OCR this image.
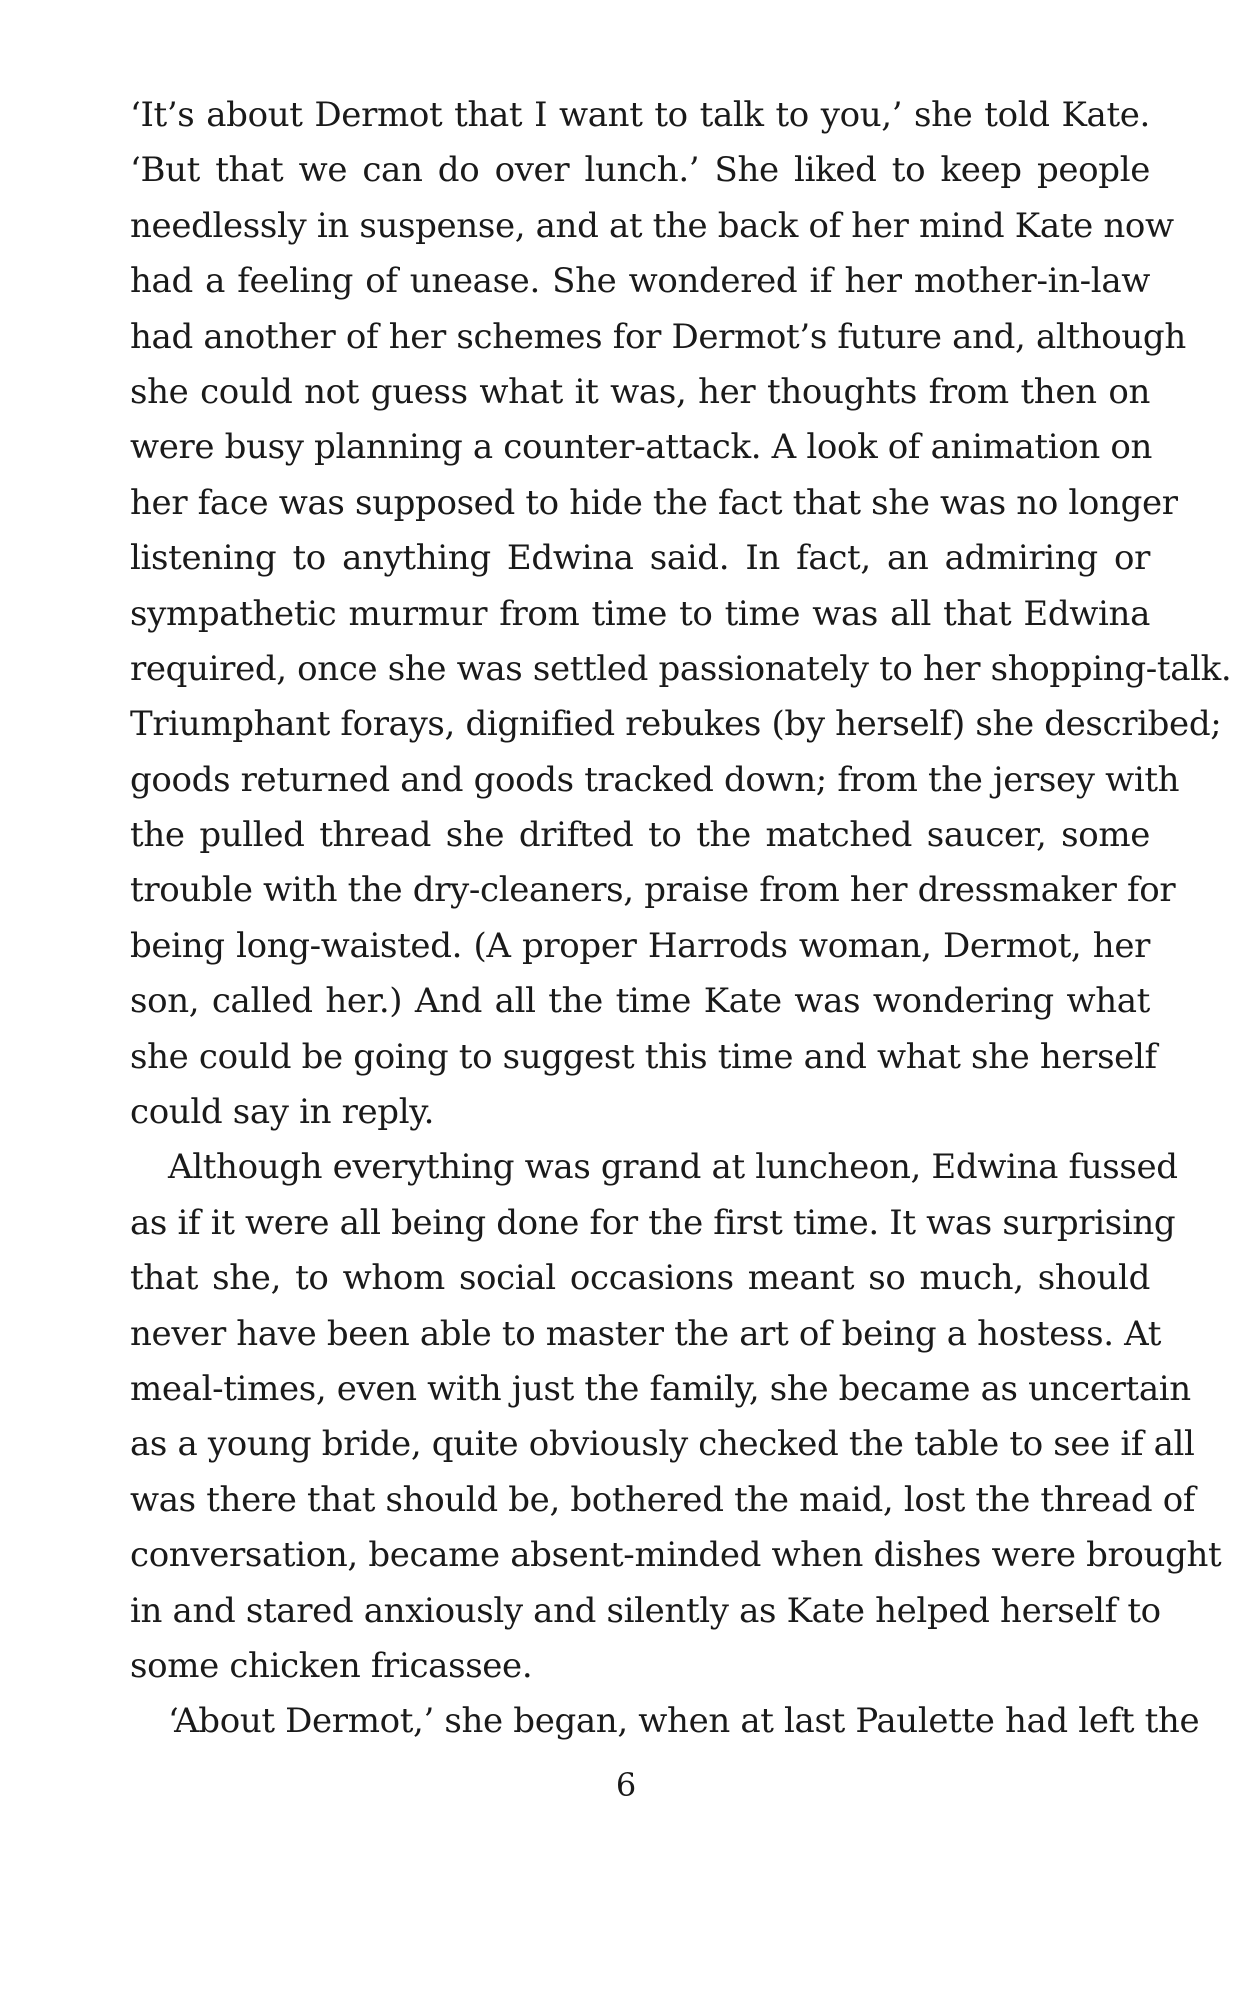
‘It’s about Dermot that I want to talk to you,’ she told Kate.
‘But that we can do over lunch.’ She liked to keep people
needlessly in suspense, and at the back of her mind Kate now
had a feeling of unease. She wondered if her mother-in-law
had another of her schemes for Dermot’s future and, although
she could not guess what it was, her thoughts from then on
were busy planning a counter-attack. A look of animation on
her face was supposed to hide the fact that she was no longer
listening to anything Edwina said. In fact, an admiring or
sympathetic murmur from time to time was all that Edwina
required, once she was settled passionately to her shopping-talk.
Triumphant forays, dignified rebukes (by herself) she described;
goods returned and goods tracked down; from the jersey with
the pulled thread she drifted to the matched saucer, some
trouble with the dry-cleaners, praise from her dressmaker for
being long-waisted. (A proper Harrods woman, Dermot, her
son, called her.) And all the time Kate was wondering what
she could be going to suggest this time and what she herself
could say in reply.
Although everything was grand at luncheon, Edwina fussed
as if it were all being done for the first time. It was surprising
that she, to whom social occasions meant so much, should
never have been able to master the art of being a hostess. At
meal-times, even with just the family, she became as uncertain
as a young bride, quite obviously checked the table to see if all
was there that should be, bothered the maid, lost the thread of
conversation, became absent-minded when dishes were brought
in and stared anxiously and silently as Kate helped herself to
some chicken fricassee.
‘About Dermot,’ she began, when at last Paulette had left the
6
